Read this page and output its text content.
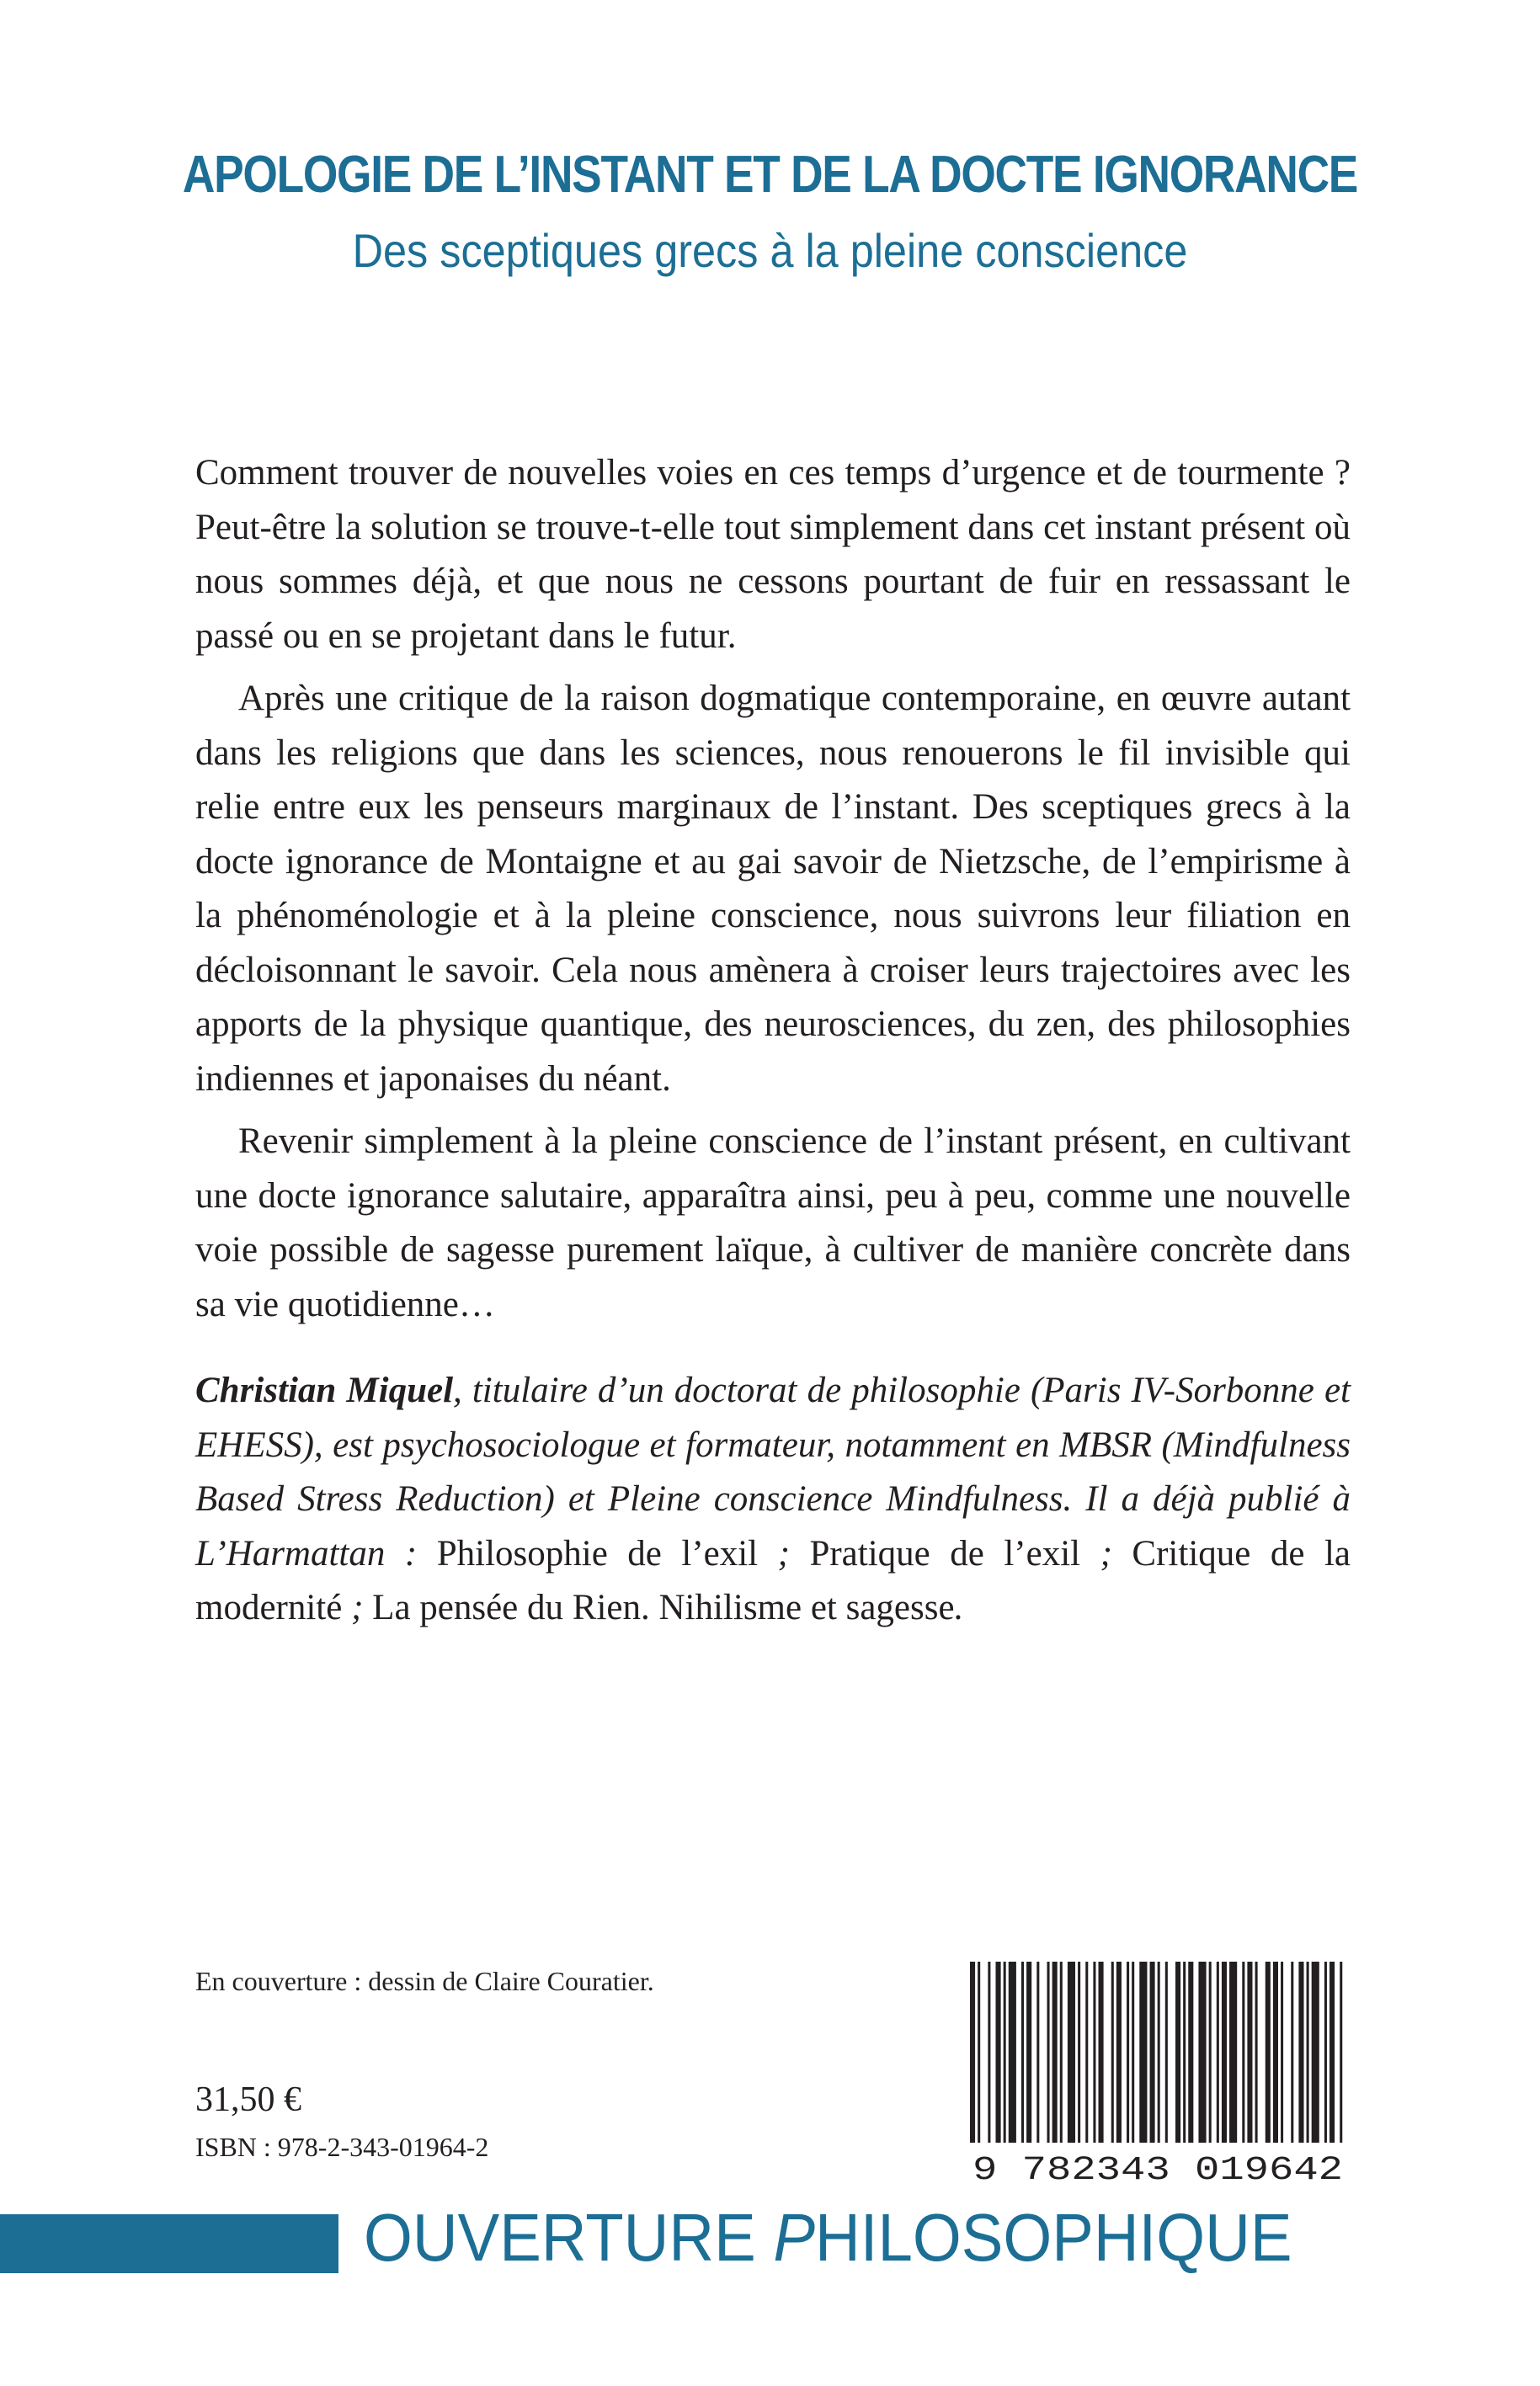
APOLOGIE DE L’INSTANT ET DE LA DOCTE IGNORANCE
Des sceptiques grecs à la pleine conscience

Comment trouver de nouvelles voies en ces temps d’urgence et de tourmente ? Peut-être la solution se trouve-t-elle tout simplement dans cet instant présent où nous sommes déjà, et que nous ne cessons pourtant de fuir en ressassant le passé ou en se projetant dans le futur.

Après une critique de la raison dogmatique contemporaine, en œuvre autant dans les religions que dans les sciences, nous renouerons le fil invisible qui relie entre eux les penseurs marginaux de l’instant. Des sceptiques grecs à la docte ignorance de Montaigne et au gai savoir de Nietzsche, de l’empirisme à la phénoménologie et à la pleine conscience, nous suivrons leur filiation en décloisonnant le savoir. Cela nous amènera à croiser leurs trajectoires avec les apports de la physique quantique, des neurosciences, du zen, des philosophies indiennes et japonaises du néant.

Revenir simplement à la pleine conscience de l’instant présent, en cultivant une docte ignorance salutaire, apparaîtra ainsi, peu à peu, comme une nouvelle voie possible de sagesse purement laïque, à cultiver de manière concrète dans sa vie quotidienne…

Christian Miquel, titulaire d’un doctorat de philosophie (Paris IV-Sorbonne et EHESS), est psychosociologue et formateur, notamment en MBSR (Mindfulness Based Stress Reduction) et Pleine conscience Mindfulness. Il a déjà publié à L’Harmattan : Philosophie de l’exil ; Pratique de l’exil ; Critique de la modernité ; La pensée du Rien. Nihilisme et sagesse.
En couverture : dessin de Claire Couratier.
31,50 €
ISBN : 978-2-343-01964-2
9 782343 019642
OUVERTURE PHILOSOPHIQUE
